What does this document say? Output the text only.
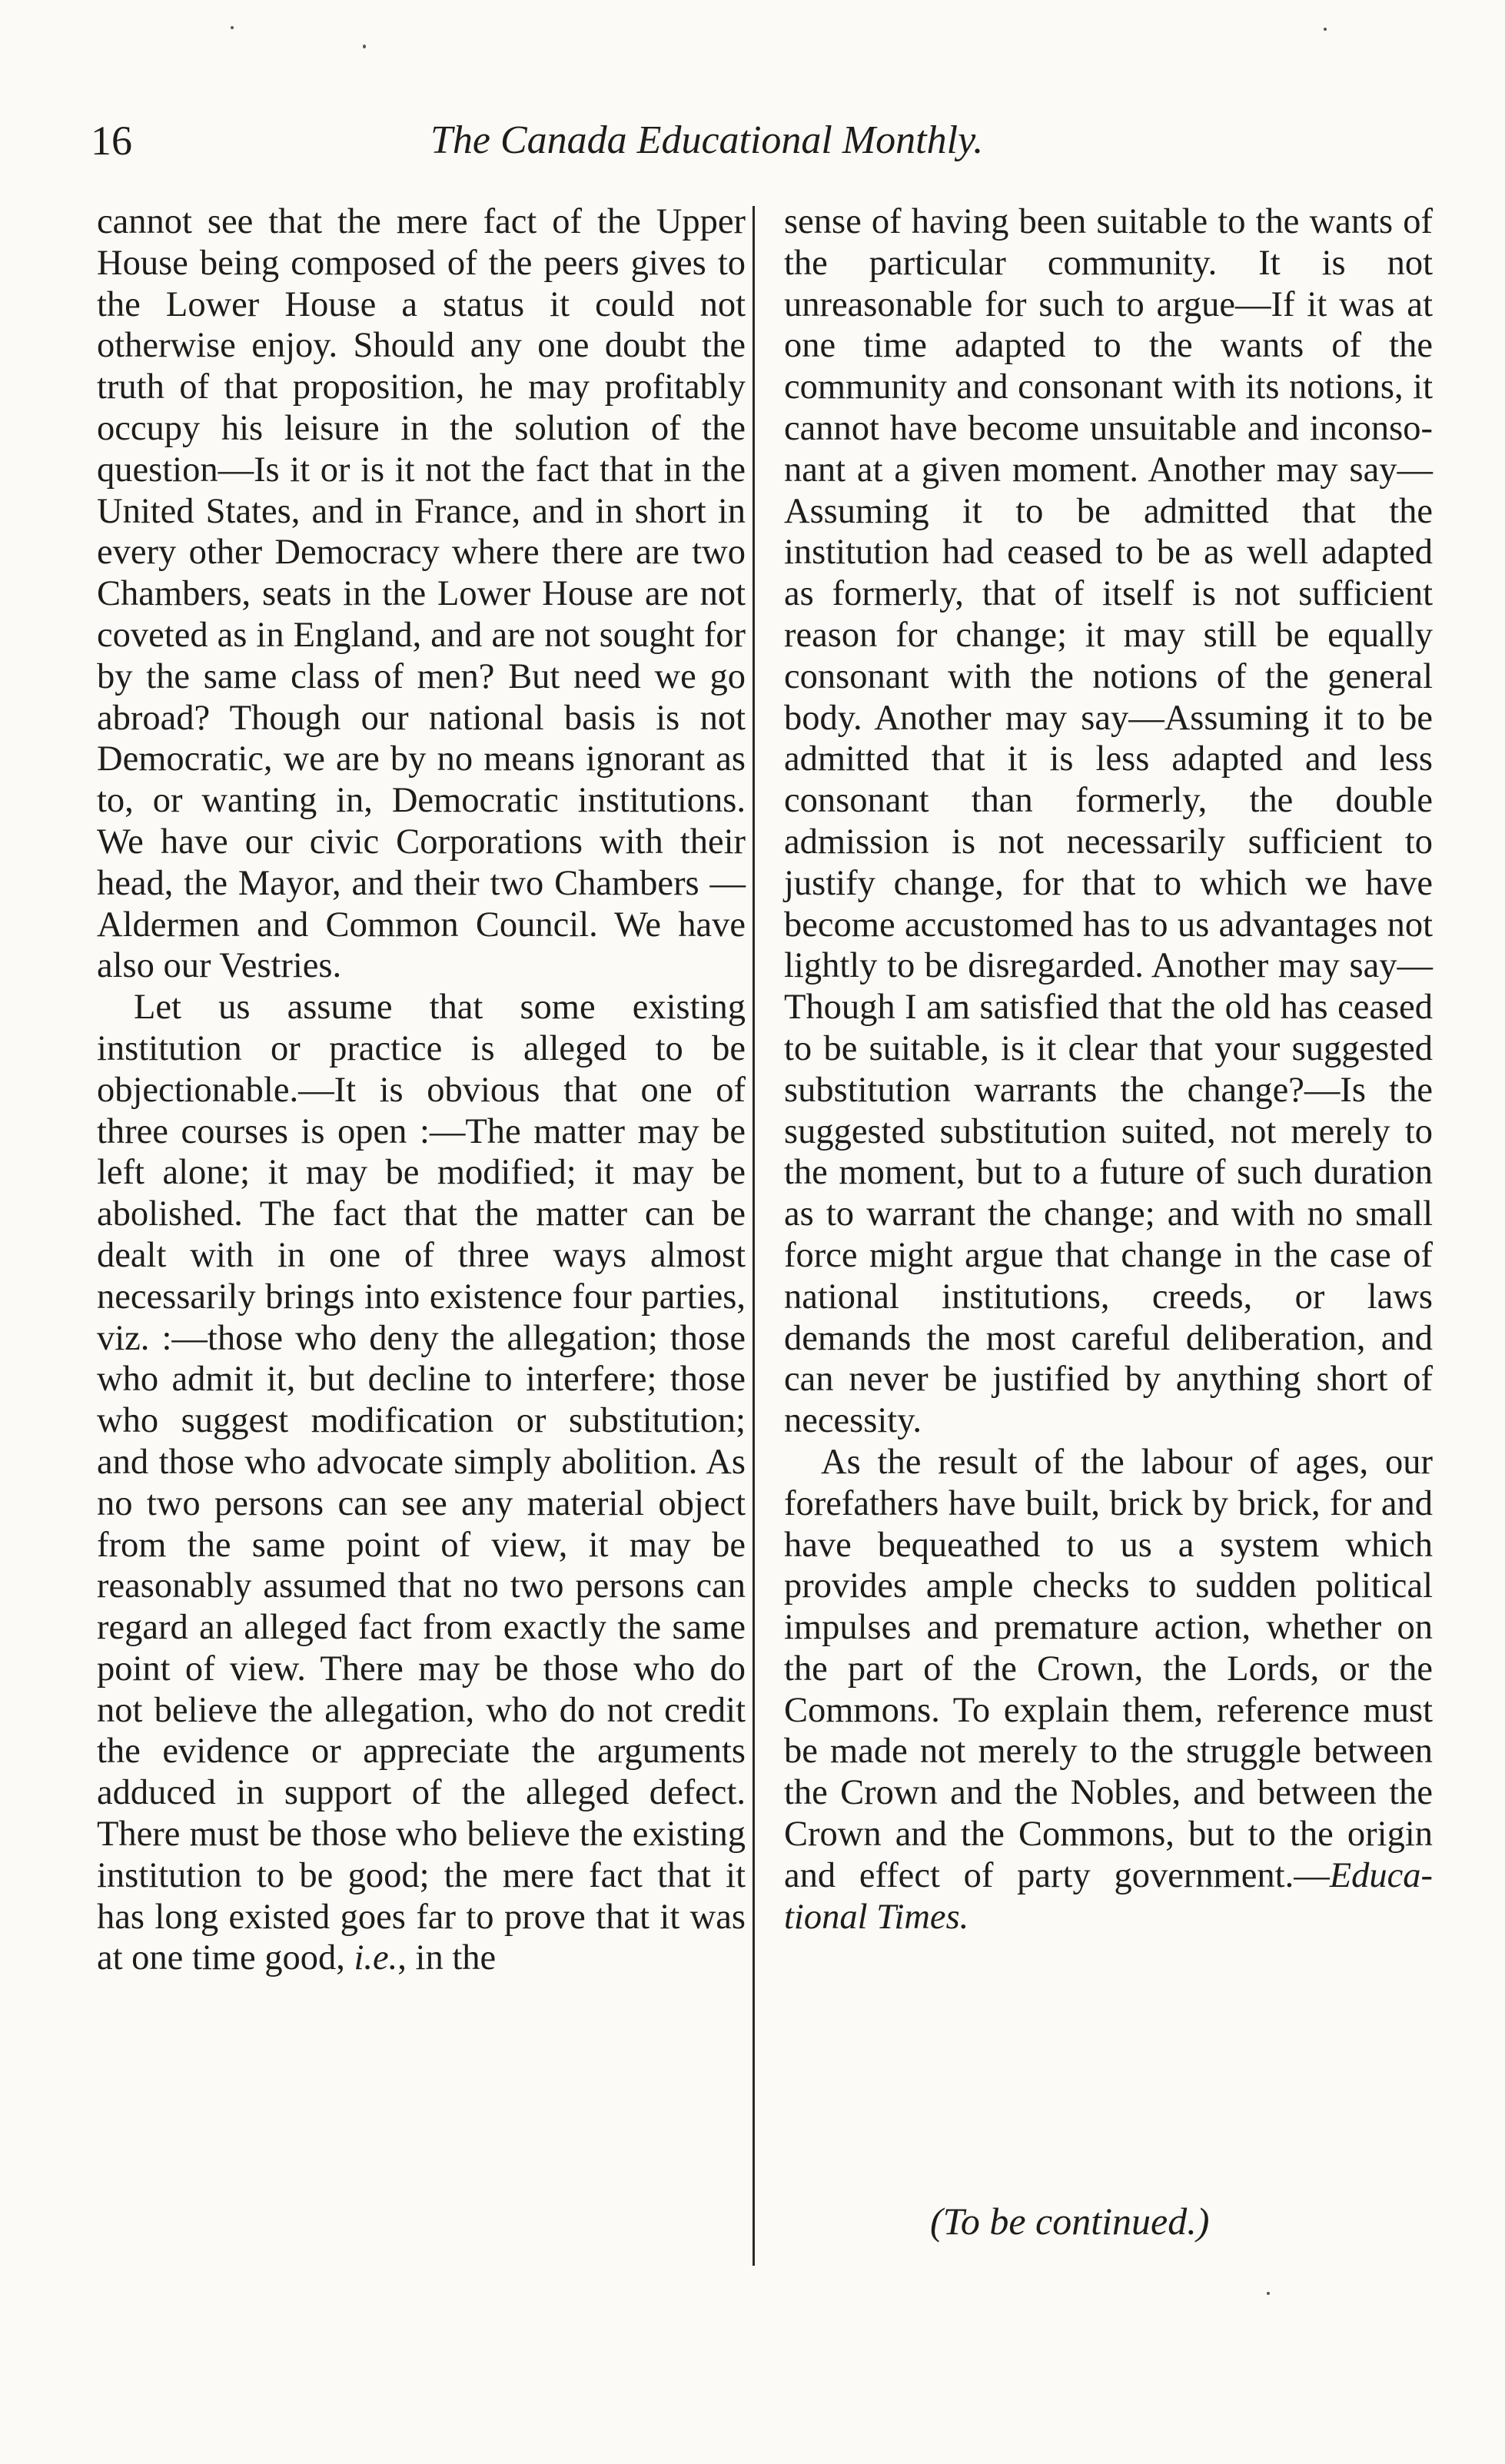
16	The Canada Educational Monthly.

cannot see that the mere fact of the Upper House being composed of the peers gives to the Lower House a status it could not otherwise enjoy. Should any one doubt the truth of that proposition, he may profitably occupy his leisure in the solution of the question—Is it or is it not the fact that in the United States, and in France, and in short in every other Democracy where there are two Chambers, seats in the Lower House are not coveted as in England, and are not sought for by the same class of men? But need we go abroad? Though our national basis is not Democratic, we are by no means ignorant as to, or wanting in, Democratic institutions. We have our civic Corporations with their head, the Mayor, and their two Chambers —Aldermen and Common Council. We have also our Vestries.

Let us assume that some existing institution or practice is alleged to be objectionable.—It is obvious that one of three courses is open :—The matter may be left alone; it may be modified; it may be abolished. The fact that the matter can be dealt with in one of three ways almost necessarily brings into existence four parties, viz. :—those who deny the allegation; those who admit it, but decline to interfere; those who suggest modification or substitution; and those who advocate simply abolition. As no two persons can see any material object from the same point of view, it may be reasonably assumed that no two persons can regard an alleged fact from exactly the same point of view. There may be those who do not believe the allegation, who do not credit the evidence or appreciate the arguments adduced in support of the alleged defect. There must be those who believe the existing institution to be good; the mere fact that it has long existed goes far to prove that it was at one time good, i.e., in the

sense of having been suitable to the wants of the particular community. It is not unreasonable for such to argue—If it was at one time adapted to the wants of the community and consonant with its notions, it cannot have become unsuitable and inconsonant at a given moment. Another may say—Assuming it to be admitted that the institution had ceased to be as well adapted as formerly, that of itself is not sufficient reason for change; it may still be equally consonant with the notions of the general body. Another may say—Assuming it to be admitted that it is less adapted and less consonant than formerly, the double admission is not necessarily sufficient to justify change, for that to which we have become accustomed has to us advantages not lightly to be disregarded. Another may say—Though I am satisfied that the old has ceased to be suitable, is it clear that your suggested substitution warrants the change?—Is the suggested substitution suited, not merely to the moment, but to a future of such duration as to warrant the change; and with no small force might argue that change in the case of national institutions, creeds, or laws demands the most careful deliberation, and can never be justified by anything short of necessity.

As the result of the labour of ages, our forefathers have built, brick by brick, for and have bequeathed to us a system which provides ample checks to sudden political impulses and premature action, whether on the part of the Crown, the Lords, or the Commons. To explain them, reference must be made not merely to the struggle between the Crown and the Nobles, and between the Crown and the Commons, but to the origin and effect of party government.—Educational Times.

(To be continued.)
